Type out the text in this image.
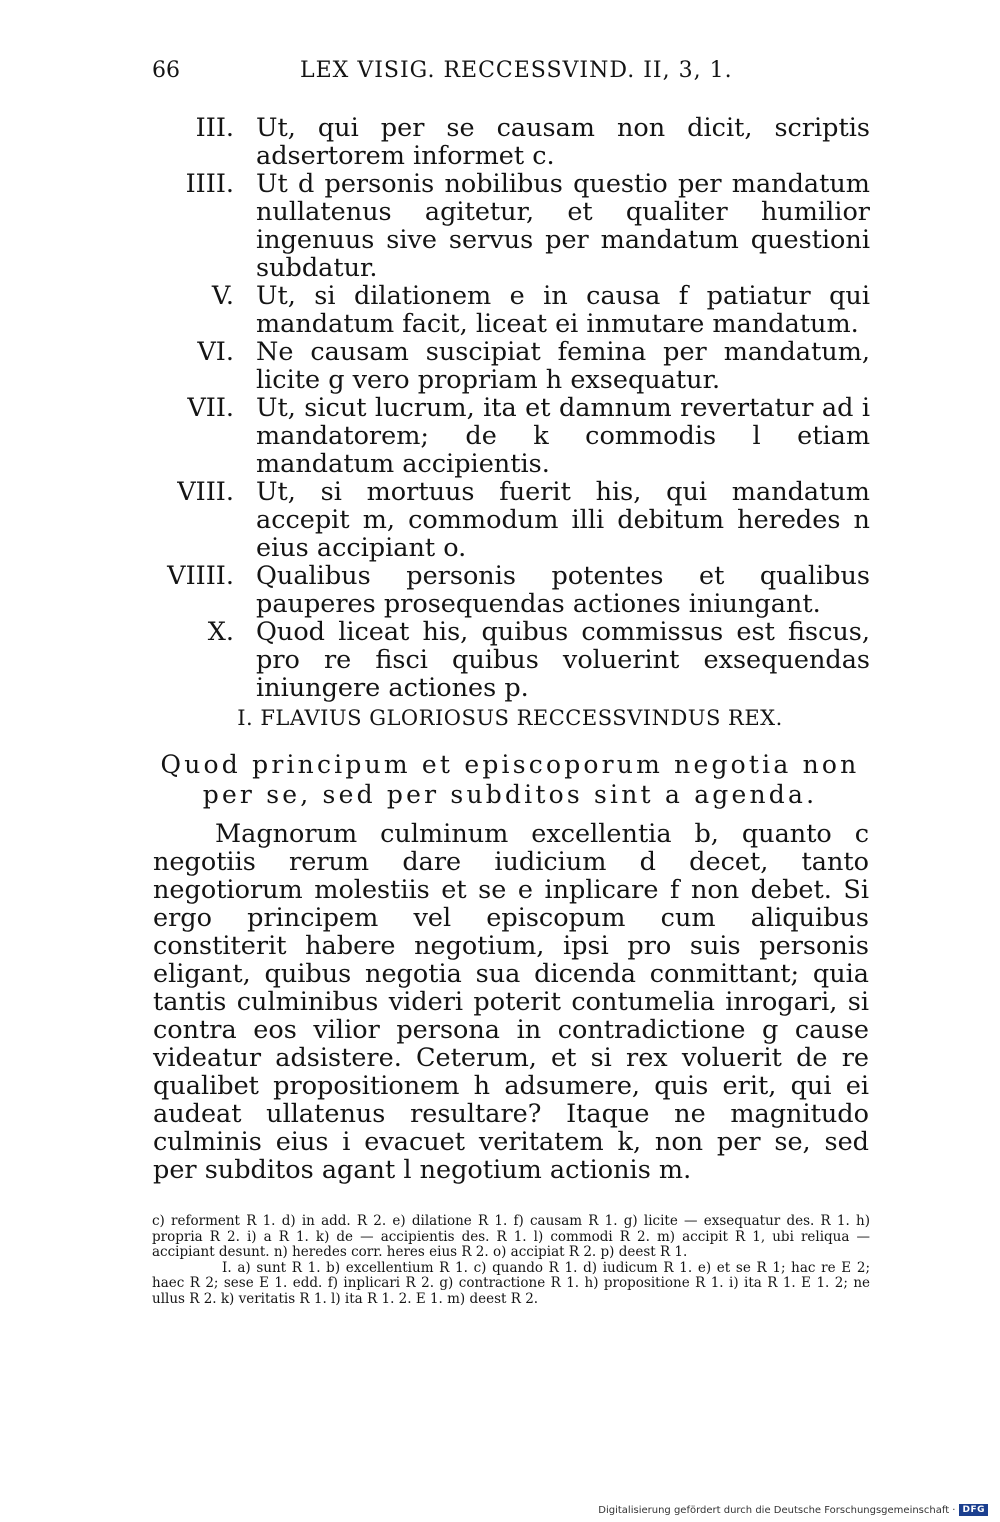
66	LEX VISIG. RECCESSVIND. II, 3, 1.
III. Ut, qui per se causam non dicit, scriptis adsertorem informet c.
IIII. Ut d personis nobilibus questio per mandatum nullatenus agitetur, et qualiter humilior ingenuus sive servus per mandatum questioni subdatur.
V. Ut, si dilationem e in causa f patiatur qui mandatum facit, liceat ei inmutare mandatum.
VI. Ne causam suscipiat femina per mandatum, licite g vero propriam h exsequatur.
VII. Ut, sicut lucrum, ita et damnum revertatur ad i mandatorem; de k commodis l etiam mandatum accipientis.
VIII. Ut, si mortuus fuerit his, qui mandatum accepit m, commodum illi debitum heredes n eius accipiant o.
VIIII. Qualibus personis potentes et qualibus pauperes prosequendas actiones iniungant.
X. Quod liceat his, quibus commissus est fiscus, pro re fisci quibus voluerint exsequendas iniungere actiones p.
I. FLAVIUS GLORIOSUS RECCESSVINDUS REX.
Quod principum et episcoporum negotia non per se, sed per subditos sint a agenda.
Magnorum culminum excellentia b, quanto c negotiis rerum dare iudicium d decet, tanto negotiorum molestiis et se e inplicare f non debet. Si ergo principem vel episcopum cum aliquibus constiterit habere negotium, ipsi pro suis personis eligant, quibus negotia sua dicenda conmittant; quia tantis culminibus videri poterit contumelia inrogari, si contra eos vilior persona in contradictione g cause videatur adsistere. Ceterum, et si rex voluerit de re qualibet propositionem h adsumere, quis erit, qui ei audeat ullatenus resultare? Itaque ne magnitudo culminis eius i evacuet veritatem k, non per se, sed per subditos agant l negotium actionis m.

c) reforment R 1. d) in add. R 2. e) dilatione R 1. f) causam R 1. g) licite — exsequatur des. R 1. h) propria R 2. i) a R 1. k) de — accipientis des. R 1. l) commodi R 2. m) accipit R 1, ubi reliqua — accipiant desunt. n) heredes corr. heres eius R 2. o) accipiat R 2. p) deest R 1.

I. a) sunt R 1. b) excellentium R 1. c) quando R 1. d) iudicum R 1. e) et se R 1; hac re E 2; haec R 2; sese E 1. edd. f) inplicari R 2. g) contractione R 1. h) propositione R 1. i) ita R 1. E 1. 2; ne ullus R 2. k) veritatis R 1. l) ita R 1. 2. E 1. m) deest R 2.

Digitalisierung gefördert durch die Deutsche Forschungsgemeinschaft · DFG
